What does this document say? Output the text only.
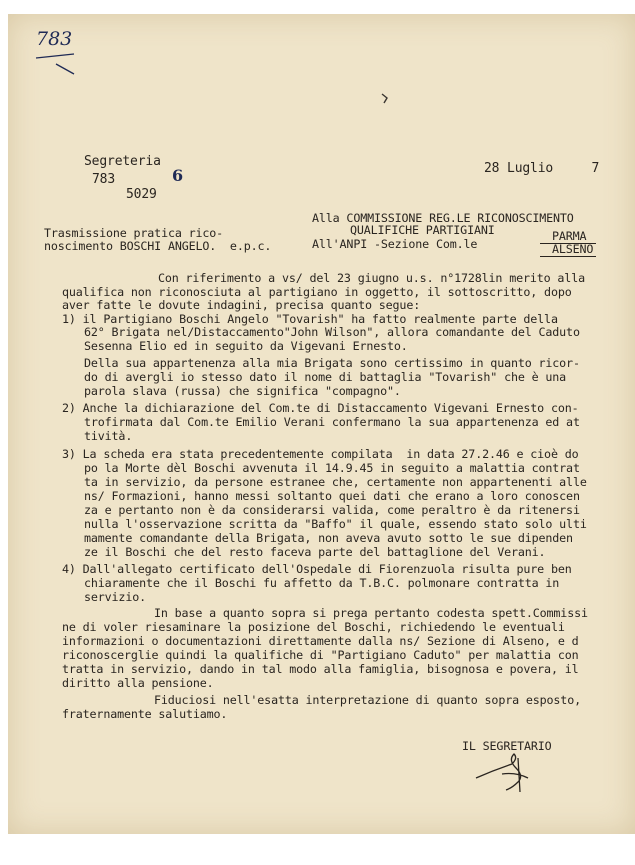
783
Segreteria
783	6
5029
28 Luglio     7
Alla COMMISSIONE REG.LE RICONOSCIMENTO
QUALIFICHE PARTIGIANI	PARMA
All'ANPI -Sezione Com.le	ALSENO
Trasmissione pratica rico-
noscimento BOSCHI ANGELO.  e.p.c.
Con riferimento a vs/ del 23 giugno u.s. n°1728lin merito alla
qualifica non riconosciuta al partigiano in oggetto, il sottoscritto, dopo
aver fatte le dovute indagini, precisa quanto segue:
1) il Partigiano Boschi Angelo "Tovarish" ha fatto realmente parte della
62° Brigata nel/Distaccamento"John Wilson", allora comandante del Caduto
Sesenna Elio ed in seguito da Vigevani Ernesto.
Della sua appartenenza alla mia Brigata sono certissimo in quanto ricor-
do di avergli io stesso dato il nome di battaglia "Tovarish" che è una
parola slava (russa) che significa "compagno".
2) Anche la dichiarazione del Com.te di Distaccamento Vigevani Ernesto con-
trofirmata dal Com.te Emilio Verani confermano la sua appartenenza ed at
tività.
3) La scheda era stata precedentemente compilata  in data 27.2.46 e cioè do
po la Morte dèl Boschi avvenuta il 14.9.45 in seguito a malattia contrat
ta in servizio, da persone estranee che, certamente non appartenenti alle
ns/ Formazioni, hanno messi soltanto quei dati che erano a loro conoscen
za e pertanto non è da considerarsi valida, come peraltro è da ritenersi
nulla l'osservazione scritta da "Baffo" il quale, essendo stato solo ulti
mamente comandante della Brigata, non aveva avuto sotto le sue dipenden
ze il Boschi che del resto faceva parte del battaglione del Verani.
4) Dall'allegato certificato dell'Ospedale di Fiorenzuola risulta pure ben
chiaramente che il Boschi fu affetto da T.B.C. polmonare contratta in
servizio.
In base a quanto sopra si prega pertanto codesta spett.Commissi
ne di voler riesaminare la posizione del Boschi, richiedendo le eventuali
informazioni o documentazioni direttamente dalla ns/ Sezione di Alseno, e d
riconoscerglie quindi la qualifiche di "Partigiano Caduto" per malattia con
tratta in servizio, dando in tal modo alla famiglia, bisognosa e povera, il
diritto alla pensione.
Fiduciosi nell'esatta interpretazione di quanto sopra esposto,
fraternamente salutiamo.
IL SEGRETARIO
